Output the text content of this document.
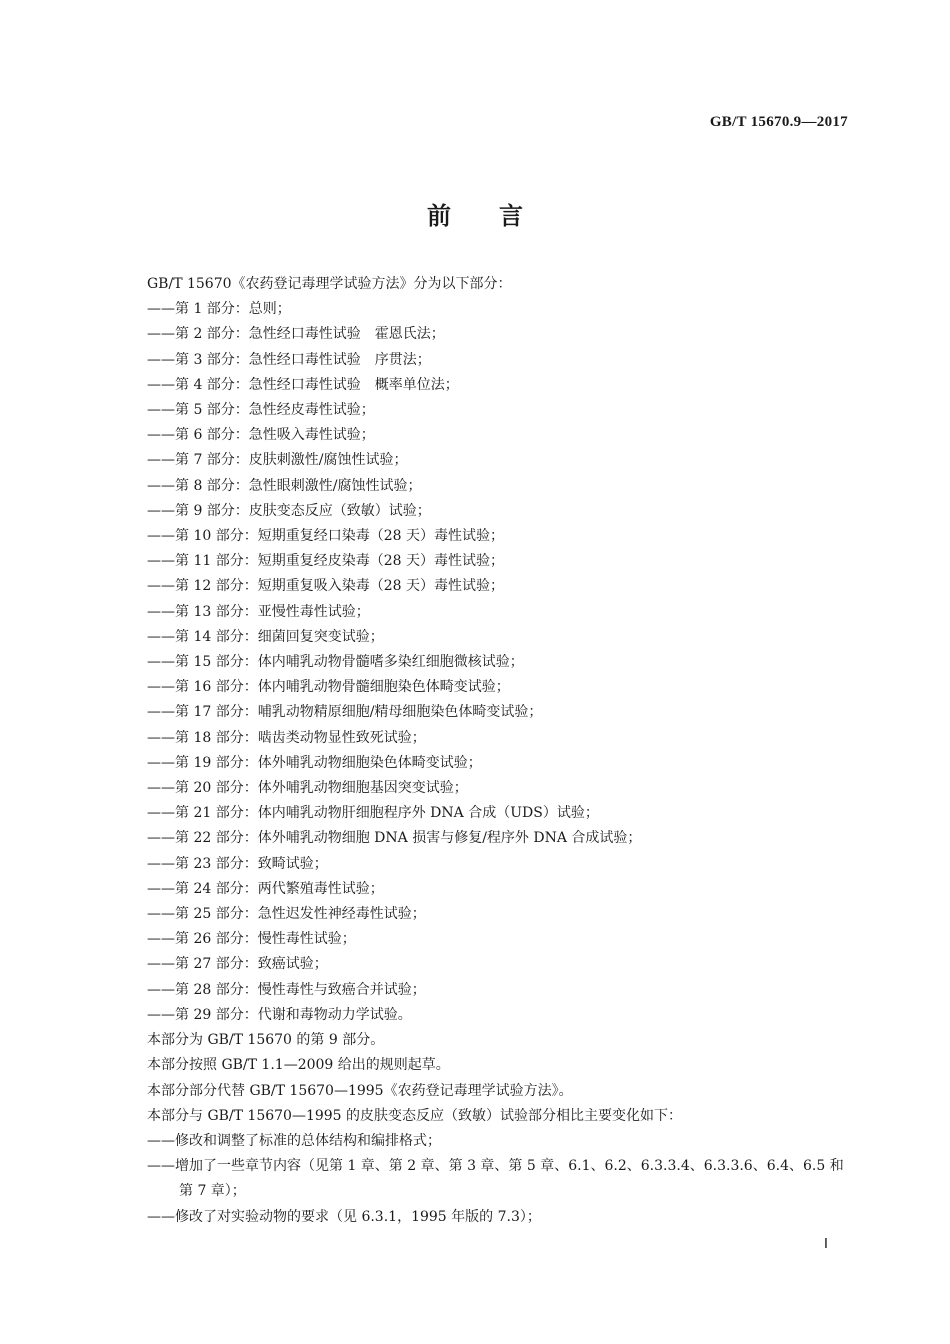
GB/T 15670.9—2017
前言

GB/T 15670《农药登记毒理学试验方法》分为以下部分：

——第 1 部分：总则；

——第 2 部分：急性经口毒性试验　霍恩氏法；

——第 3 部分：急性经口毒性试验　序贯法；

——第 4 部分：急性经口毒性试验　概率单位法；

——第 5 部分：急性经皮毒性试验；

——第 6 部分：急性吸入毒性试验；

——第 7 部分：皮肤刺激性/腐蚀性试验；

——第 8 部分：急性眼刺激性/腐蚀性试验；

——第 9 部分：皮肤变态反应（致敏）试验；

——第 10 部分：短期重复经口染毒（28 天）毒性试验；

——第 11 部分：短期重复经皮染毒（28 天）毒性试验；

——第 12 部分：短期重复吸入染毒（28 天）毒性试验；

——第 13 部分：亚慢性毒性试验；

——第 14 部分：细菌回复突变试验；

——第 15 部分：体内哺乳动物骨髓嗜多染红细胞微核试验；

——第 16 部分：体内哺乳动物骨髓细胞染色体畸变试验；

——第 17 部分：哺乳动物精原细胞/精母细胞染色体畸变试验；

——第 18 部分：啮齿类动物显性致死试验；

——第 19 部分：体外哺乳动物细胞染色体畸变试验；

——第 20 部分：体外哺乳动物细胞基因突变试验；

——第 21 部分：体内哺乳动物肝细胞程序外 DNA 合成（UDS）试验；

——第 22 部分：体外哺乳动物细胞 DNA 损害与修复/程序外 DNA 合成试验；

——第 23 部分：致畸试验；

——第 24 部分：两代繁殖毒性试验；

——第 25 部分：急性迟发性神经毒性试验；

——第 26 部分：慢性毒性试验；

——第 27 部分：致癌试验；

——第 28 部分：慢性毒性与致癌合并试验；

——第 29 部分：代谢和毒物动力学试验。

本部分为 GB/T 15670 的第 9 部分。

本部分按照 GB/T 1.1—2009 给出的规则起草。

本部分部分代替 GB/T 15670—1995《农药登记毒理学试验方法》。

本部分与 GB/T 15670—1995 的皮肤变态反应（致敏）试验部分相比主要变化如下：

——修改和调整了标准的总体结构和编排格式；

——增加了一些章节内容（见第 1 章、第 2 章、第 3 章、第 5 章、6.1、6.2、6.3.3.4、6.3.3.6、6.4、6.5 和
第 7 章）；

——修改了对实验动物的要求（见 6.3.1，1995 年版的 7.3）；

Ⅰ
